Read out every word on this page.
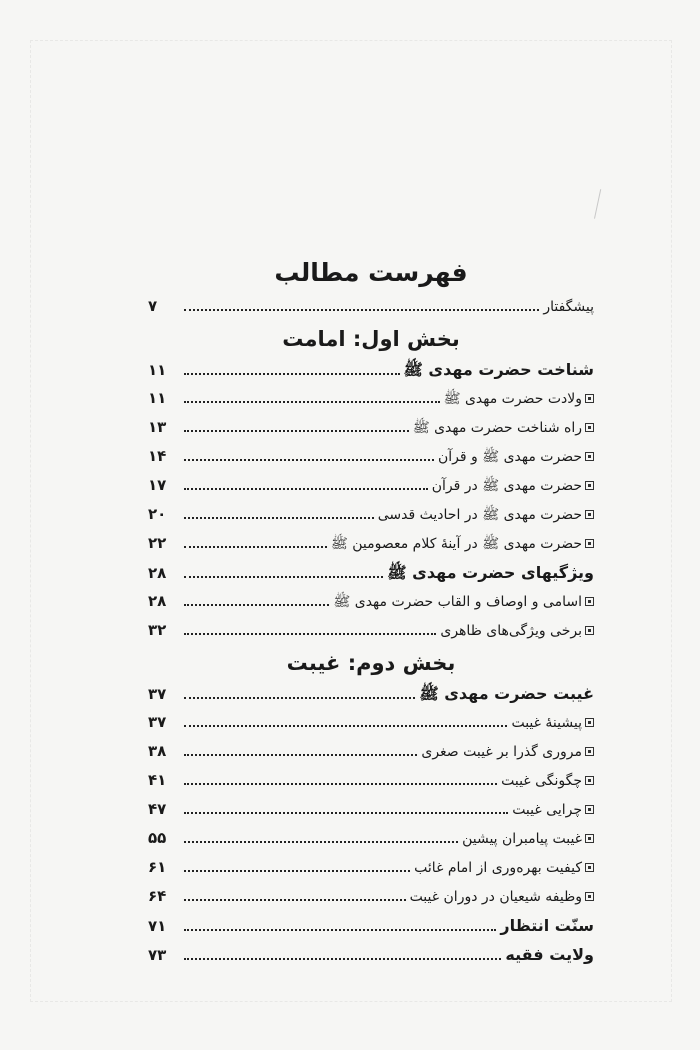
فهرست مطالب
پیشگفتار
۷
بخش اول: امامت
شناخت حضرت مهدی ﷺ
۱۱
ولادت حضرت مهدی ﷺ
۱۱
راه شناخت حضرت مهدی ﷺ
۱۳
حضرت مهدی ﷺ و قرآن
۱۴
حضرت مهدی ﷺ در قرآن
۱۷
حضرت مهدی ﷺ در احادیث قدسی
۲۰
حضرت مهدی ﷺ در آینهٔ کلام معصومین ﷺ
۲۲
ویژگیهای حضرت مهدی ﷺ
۲۸
اسامی و اوصاف و القاب حضرت مهدی ﷺ
۲۸
برخی ویژگی‌های ظاهری
۳۲
بخش دوم: غیبت
غیبت حضرت مهدی ﷺ
۳۷
پیشینهٔ غیبت
۳۷
مروری گذرا بر غیبت صغری
۳۸
چگونگی غیبت
۴۱
چرایی غیبت
۴۷
غیبت پیامبران پیشین
۵۵
کیفیت بهره‌وری از امام غائب
۶۱
وظیفه شیعیان در دوران غیبت
۶۴
سنّت انتظار
۷۱
ولایت فقیه
۷۳
